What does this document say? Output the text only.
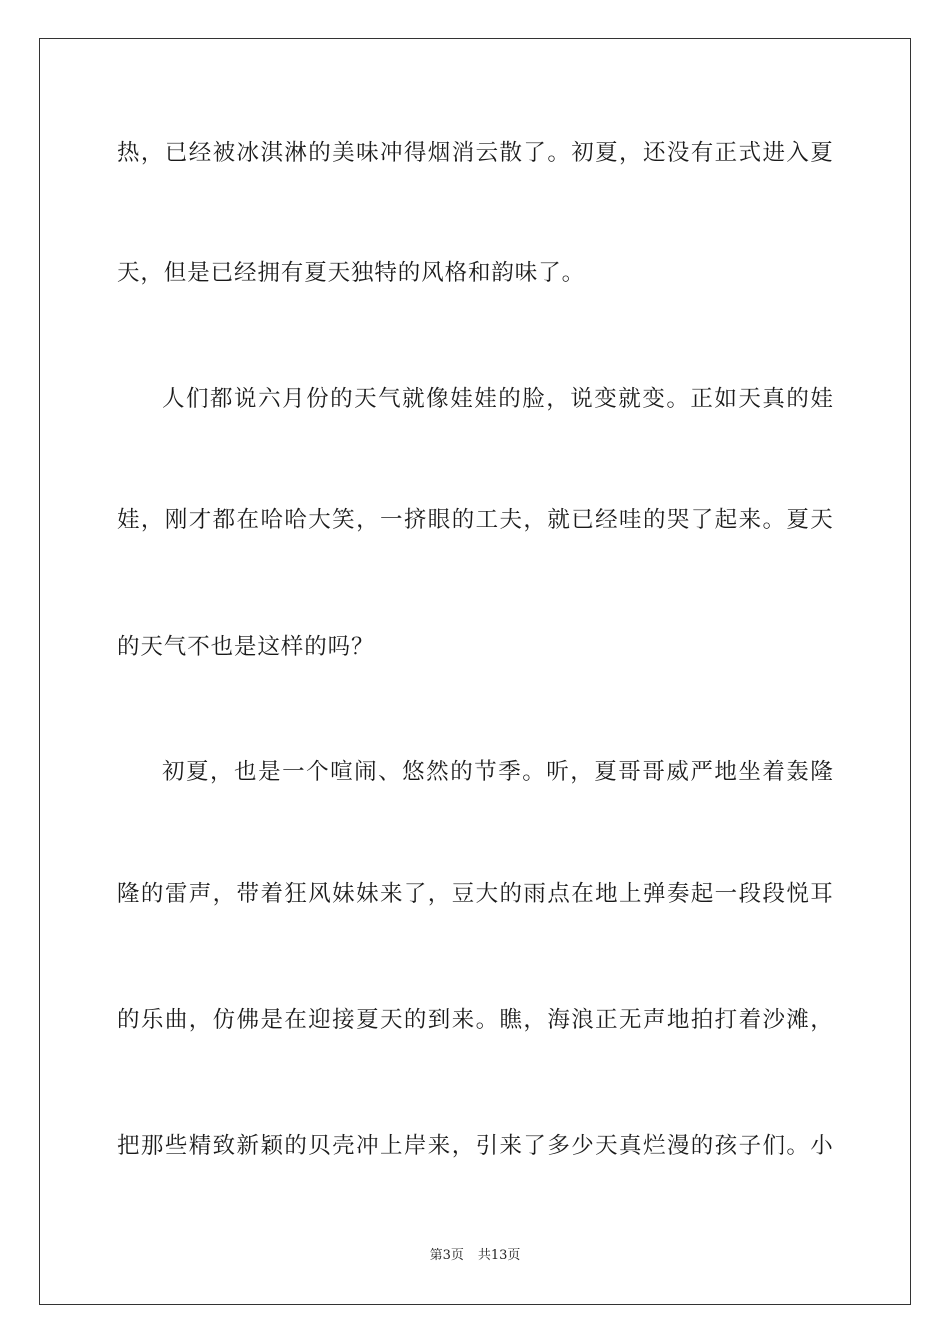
热 ， 已 经 被 冰 淇 淋 的 美 味 冲 得 烟 消 云 散 了 。 初 夏 ， 还 没 有 正 式 进 入 夏

天，但是已经拥有夏天独特的风格和韵味了。

人 们 都 说 六 月 份 的 天 气 就 像 娃 娃 的 脸 ， 说 变 就 变 。 正 如 天 真 的 娃

娃 ， 刚 才 都 在 哈 哈 大 笑 ， 一 挤 眼 的 工 夫 ， 就 已 经 哇 的 哭 了 起 来 。 夏 天

的天气不也是这样的吗？

初 夏 ， 也 是 一 个 喧 闹 、 悠 然 的 节 季 。 听 ， 夏 哥 哥 威 严 地 坐 着 轰 隆

隆 的 雷 声 ， 带 着 狂 风 妹 妹 来 了 ， 豆 大 的 雨 点 在 地 上 弹 奏 起 一 段 段 悦 耳

的 乐 曲 ， 仿 佛 是 在 迎 接 夏 天 的 到 来 。 瞧 ， 海 浪 正 无 声 地 拍 打 着 沙 滩 ，

把 那 些 精 致 新 颖 的 贝 壳 冲 上 岸 来 ， 引 来 了 多 少 天 真 烂 漫 的 孩 子 们 。 小

第3页 共13页
